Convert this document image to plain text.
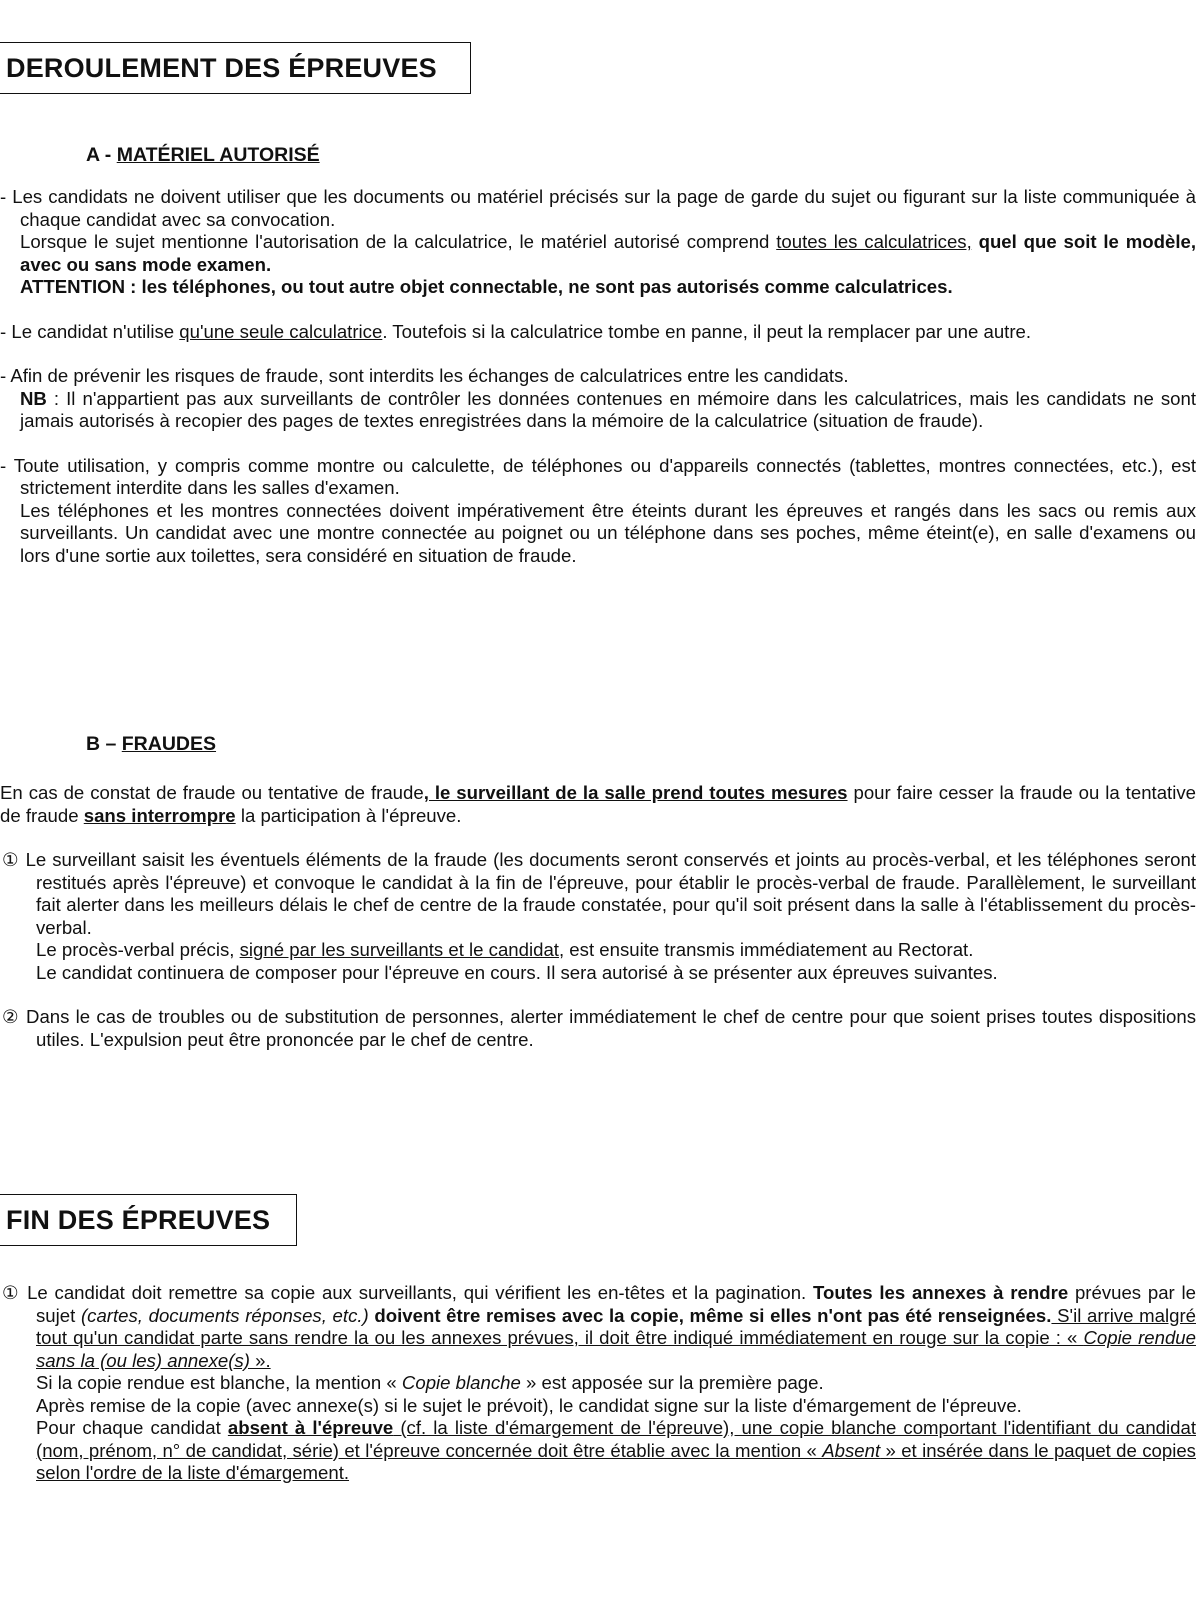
DEROULEMENT DES ÉPREUVES
A - MATÉRIEL AUTORISÉ

- Les candidats ne doivent utiliser que les documents ou matériel précisés sur la page de garde du sujet ou figurant sur la liste communiquée à chaque candidat avec sa convocation.

Lorsque le sujet mentionne l'autorisation de la calculatrice, le matériel autorisé comprend toutes les calculatrices, quel que soit le modèle, avec ou sans mode examen.

ATTENTION : les téléphones, ou tout autre objet connectable, ne sont pas autorisés comme calculatrices.

- Le candidat n'utilise qu'une seule calculatrice. Toutefois si la calculatrice tombe en panne, il peut la remplacer par une autre.

- Afin de prévenir les risques de fraude, sont interdits les échanges de calculatrices entre les candidats.

NB : Il n'appartient pas aux surveillants de contrôler les données contenues en mémoire dans les calculatrices, mais les candidats ne sont jamais autorisés à recopier des pages de textes enregistrées dans la mémoire de la calculatrice (situation de fraude).

- Toute utilisation, y compris comme montre ou calculette, de téléphones ou d'appareils connectés (tablettes, montres connectées, etc.), est strictement interdite dans les salles d'examen.

Les téléphones et les montres connectées doivent impérativement être éteints durant les épreuves et rangés dans les sacs ou remis aux surveillants. Un candidat avec une montre connectée au poignet ou un téléphone dans ses poches, même éteint(e), en salle d'examens ou lors d'une sortie aux toilettes, sera considéré en situation de fraude.

B – FRAUDES

En cas de constat de fraude ou tentative de fraude, le surveillant de la salle prend toutes mesures pour faire cesser la fraude ou la tentative de fraude sans interrompre la participation à l'épreuve.

① Le surveillant saisit les éventuels éléments de la fraude (les documents seront conservés et joints au procès-verbal, et les téléphones seront restitués après l'épreuve) et convoque le candidat à la fin de l'épreuve, pour établir le procès-verbal de fraude. Parallèlement, le surveillant fait alerter dans les meilleurs délais le chef de centre de la fraude constatée, pour qu'il soit présent dans la salle à l'établissement du procès-verbal.

Le procès-verbal précis, signé par les surveillants et le candidat, est ensuite transmis immédiatement au Rectorat.

Le candidat continuera de composer pour l'épreuve en cours. Il sera autorisé à se présenter aux épreuves suivantes.

② Dans le cas de troubles ou de substitution de personnes, alerter immédiatement le chef de centre pour que soient prises toutes dispositions utiles. L'expulsion peut être prononcée par le chef de centre.

FIN DES ÉPREUVES

① Le candidat doit remettre sa copie aux surveillants, qui vérifient les en-têtes et la pagination. Toutes les annexes à rendre prévues par le sujet (cartes, documents réponses, etc.) doivent être remises avec la copie, même si elles n'ont pas été renseignées. S'il arrive malgré tout qu'un candidat parte sans rendre la ou les annexes prévues, il doit être indiqué immédiatement en rouge sur la copie : « Copie rendue sans la (ou les) annexe(s) ».

Si la copie rendue est blanche, la mention « Copie blanche » est apposée sur la première page.

Après remise de la copie (avec annexe(s) si le sujet le prévoit), le candidat signe sur la liste d'émargement de l'épreuve.

Pour chaque candidat absent à l'épreuve (cf. la liste d'émargement de l'épreuve), une copie blanche comportant l'identifiant du candidat (nom, prénom, n° de candidat, série) et l'épreuve concernée doit être établie avec la mention « Absent » et insérée dans le paquet de copies selon l'ordre de la liste d'émargement.
